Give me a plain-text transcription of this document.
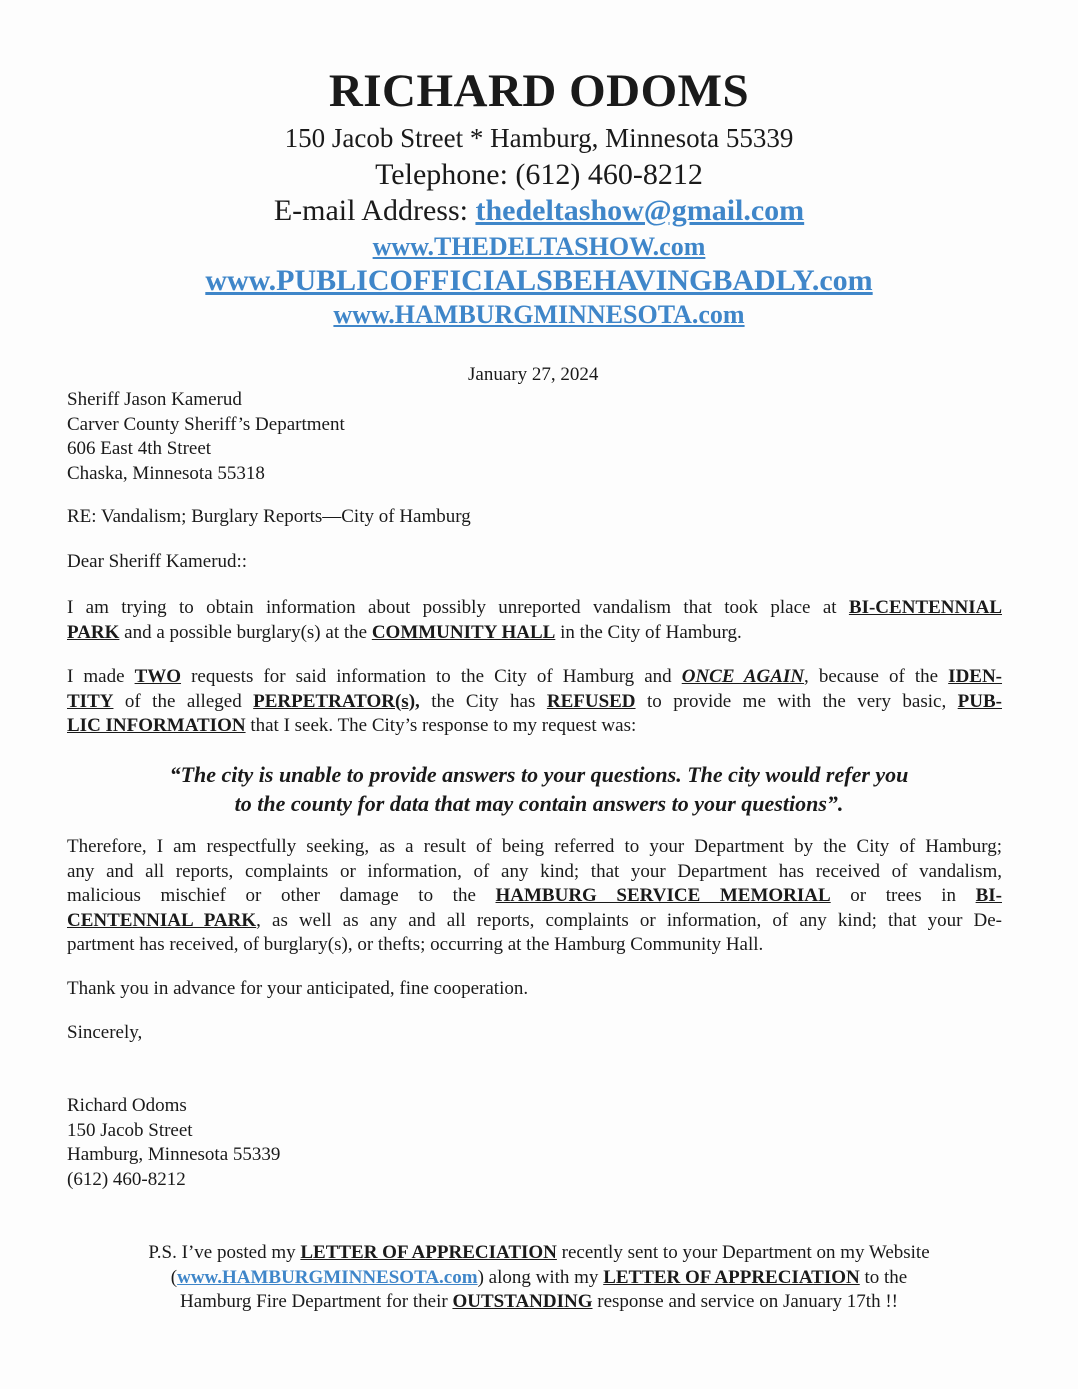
RICHARD ODOMS
150 Jacob Street * Hamburg, Minnesota 55339
Telephone: (612) 460-8212
E-mail Address: thedeltashow@gmail.com
www.THEDELTASHOW.com
www.PUBLICOFFICIALSBEHAVINGBADLY.com
www.HAMBURGMINNESOTA.com
January 27, 2024
Sheriff Jason Kamerud
Carver County Sheriff’s Department
606 East 4th Street
Chaska, Minnesota 55318
RE: Vandalism; Burglary Reports—City of Hamburg
Dear Sheriff Kamerud::
I am trying to obtain information about possibly unreported vandalism that took place at BI-CENTENNIAL
PARK and a possible burglary(s) at the COMMUNITY HALL in the City of Hamburg.
I made TWO requests for said information to the City of Hamburg and ONCE AGAIN, because of the IDEN-
TITY of the alleged PERPETRATOR(s), the City has REFUSED to provide me with the very basic, PUB-
LIC INFORMATION that I seek. The City’s response to my request was:
“The city is unable to provide answers to your questions. The city would refer you
to the county for data that may contain answers to your questions”.
Therefore, I am respectfully seeking, as a result of being referred to your Department by the City of Hamburg;
any and all reports, complaints or information, of any kind; that your Department has received of vandalism,
malicious mischief or other damage to the HAMBURG SERVICE MEMORIAL or trees in BI-
CENTENNIAL PARK, as well as any and all reports, complaints or information, of any kind; that your De-
partment has received, of burglary(s), or thefts; occurring at the Hamburg Community Hall.
Thank you in advance for your anticipated, fine cooperation.
Sincerely,
Richard Odoms
150 Jacob Street
Hamburg, Minnesota 55339
(612) 460-8212
P.S. I’ve posted my LETTER OF APPRECIATION recently sent to your Department on my Website
(www.HAMBURGMINNESOTA.com) along with my LETTER OF APPRECIATION to the
Hamburg Fire Department for their OUTSTANDING response and service on January 17th !!
